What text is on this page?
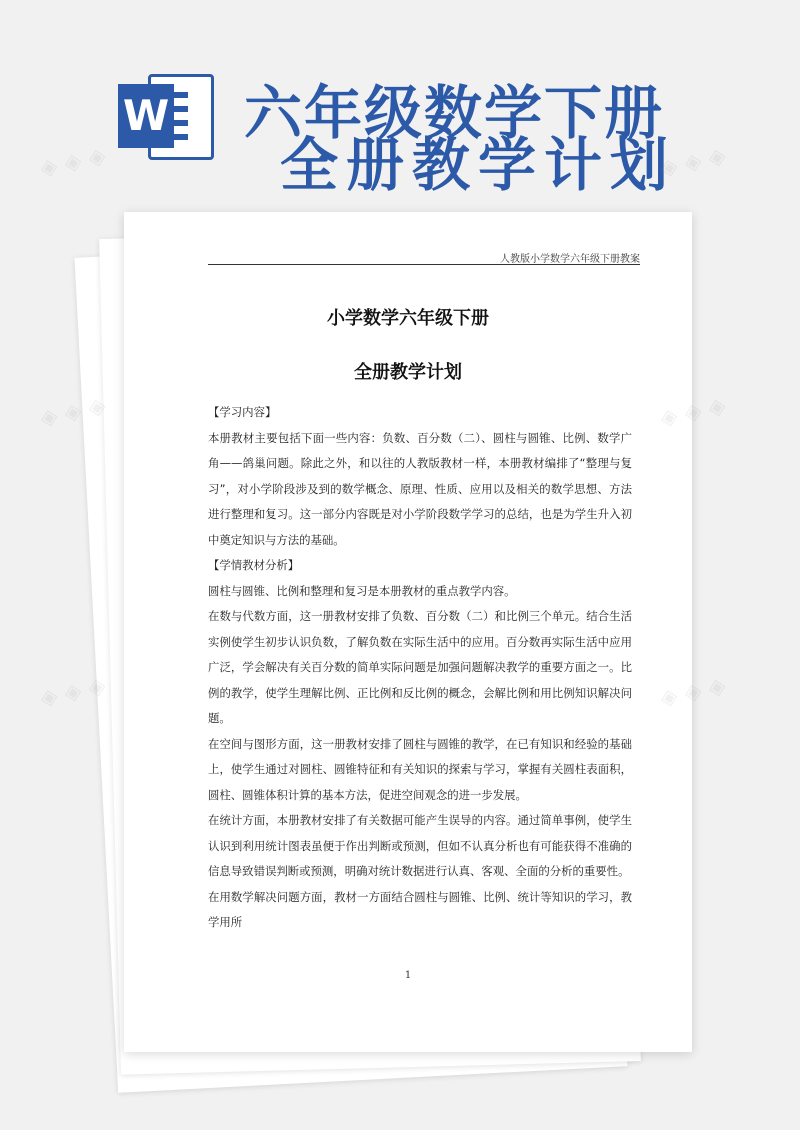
W 六年级数学下册
全册教学计划
人教版小学数学六年级下册教案
小学数学六年级下册
全册教学计划

【学习内容】

本册教材主要包括下面一些内容：负数、百分数（二）、圆柱与圆锥、比例、数学广角——鸽巢问题。除此之外，和以往的人教版教材一样，本册教材编排了“整理与复习”，对小学阶段涉及到的数学概念、原理、性质、应用以及相关的数学思想、方法进行整理和复习。这一部分内容既是对小学阶段数学学习的总结，也是为学生升入初中奠定知识与方法的基础。

【学情教材分析】

圆柱与圆锥、比例和整理和复习是本册教材的重点教学内容。

在数与代数方面，这一册教材安排了负数、百分数（二）和比例三个单元。结合生活实例使学生初步认识负数，了解负数在实际生活中的应用。百分数再实际生活中应用广泛，学会解决有关百分数的简单实际问题是加强问题解决教学的重要方面之一。比例的教学，使学生理解比例、正比例和反比例的概念，会解比例和用比例知识解决问题。

在空间与图形方面，这一册教材安排了圆柱与圆锥的教学，在已有知识和经验的基础上，使学生通过对圆柱、圆锥特征和有关知识的探索与学习，掌握有关圆柱表面积，圆柱、圆锥体积计算的基本方法，促进空间观念的进一步发展。

在统计方面，本册教材安排了有关数据可能产生误导的内容。通过简单事例，使学生认识到利用统计图表虽便于作出判断或预测，但如不认真分析也有可能获得不准确的信息导致错误判断或预测，明确对统计数据进行认真、客观、全面的分析的重要性。

在用数学解决问题方面，教材一方面结合圆柱与圆锥、比例、统计等知识的学习，教学用所

1
◈ ◈ ◈	◈ ◈ ◈
◈ ◈ ◈	◈ ◈ ◈
◈ ◈ ◈	◈ ◈ ◈
